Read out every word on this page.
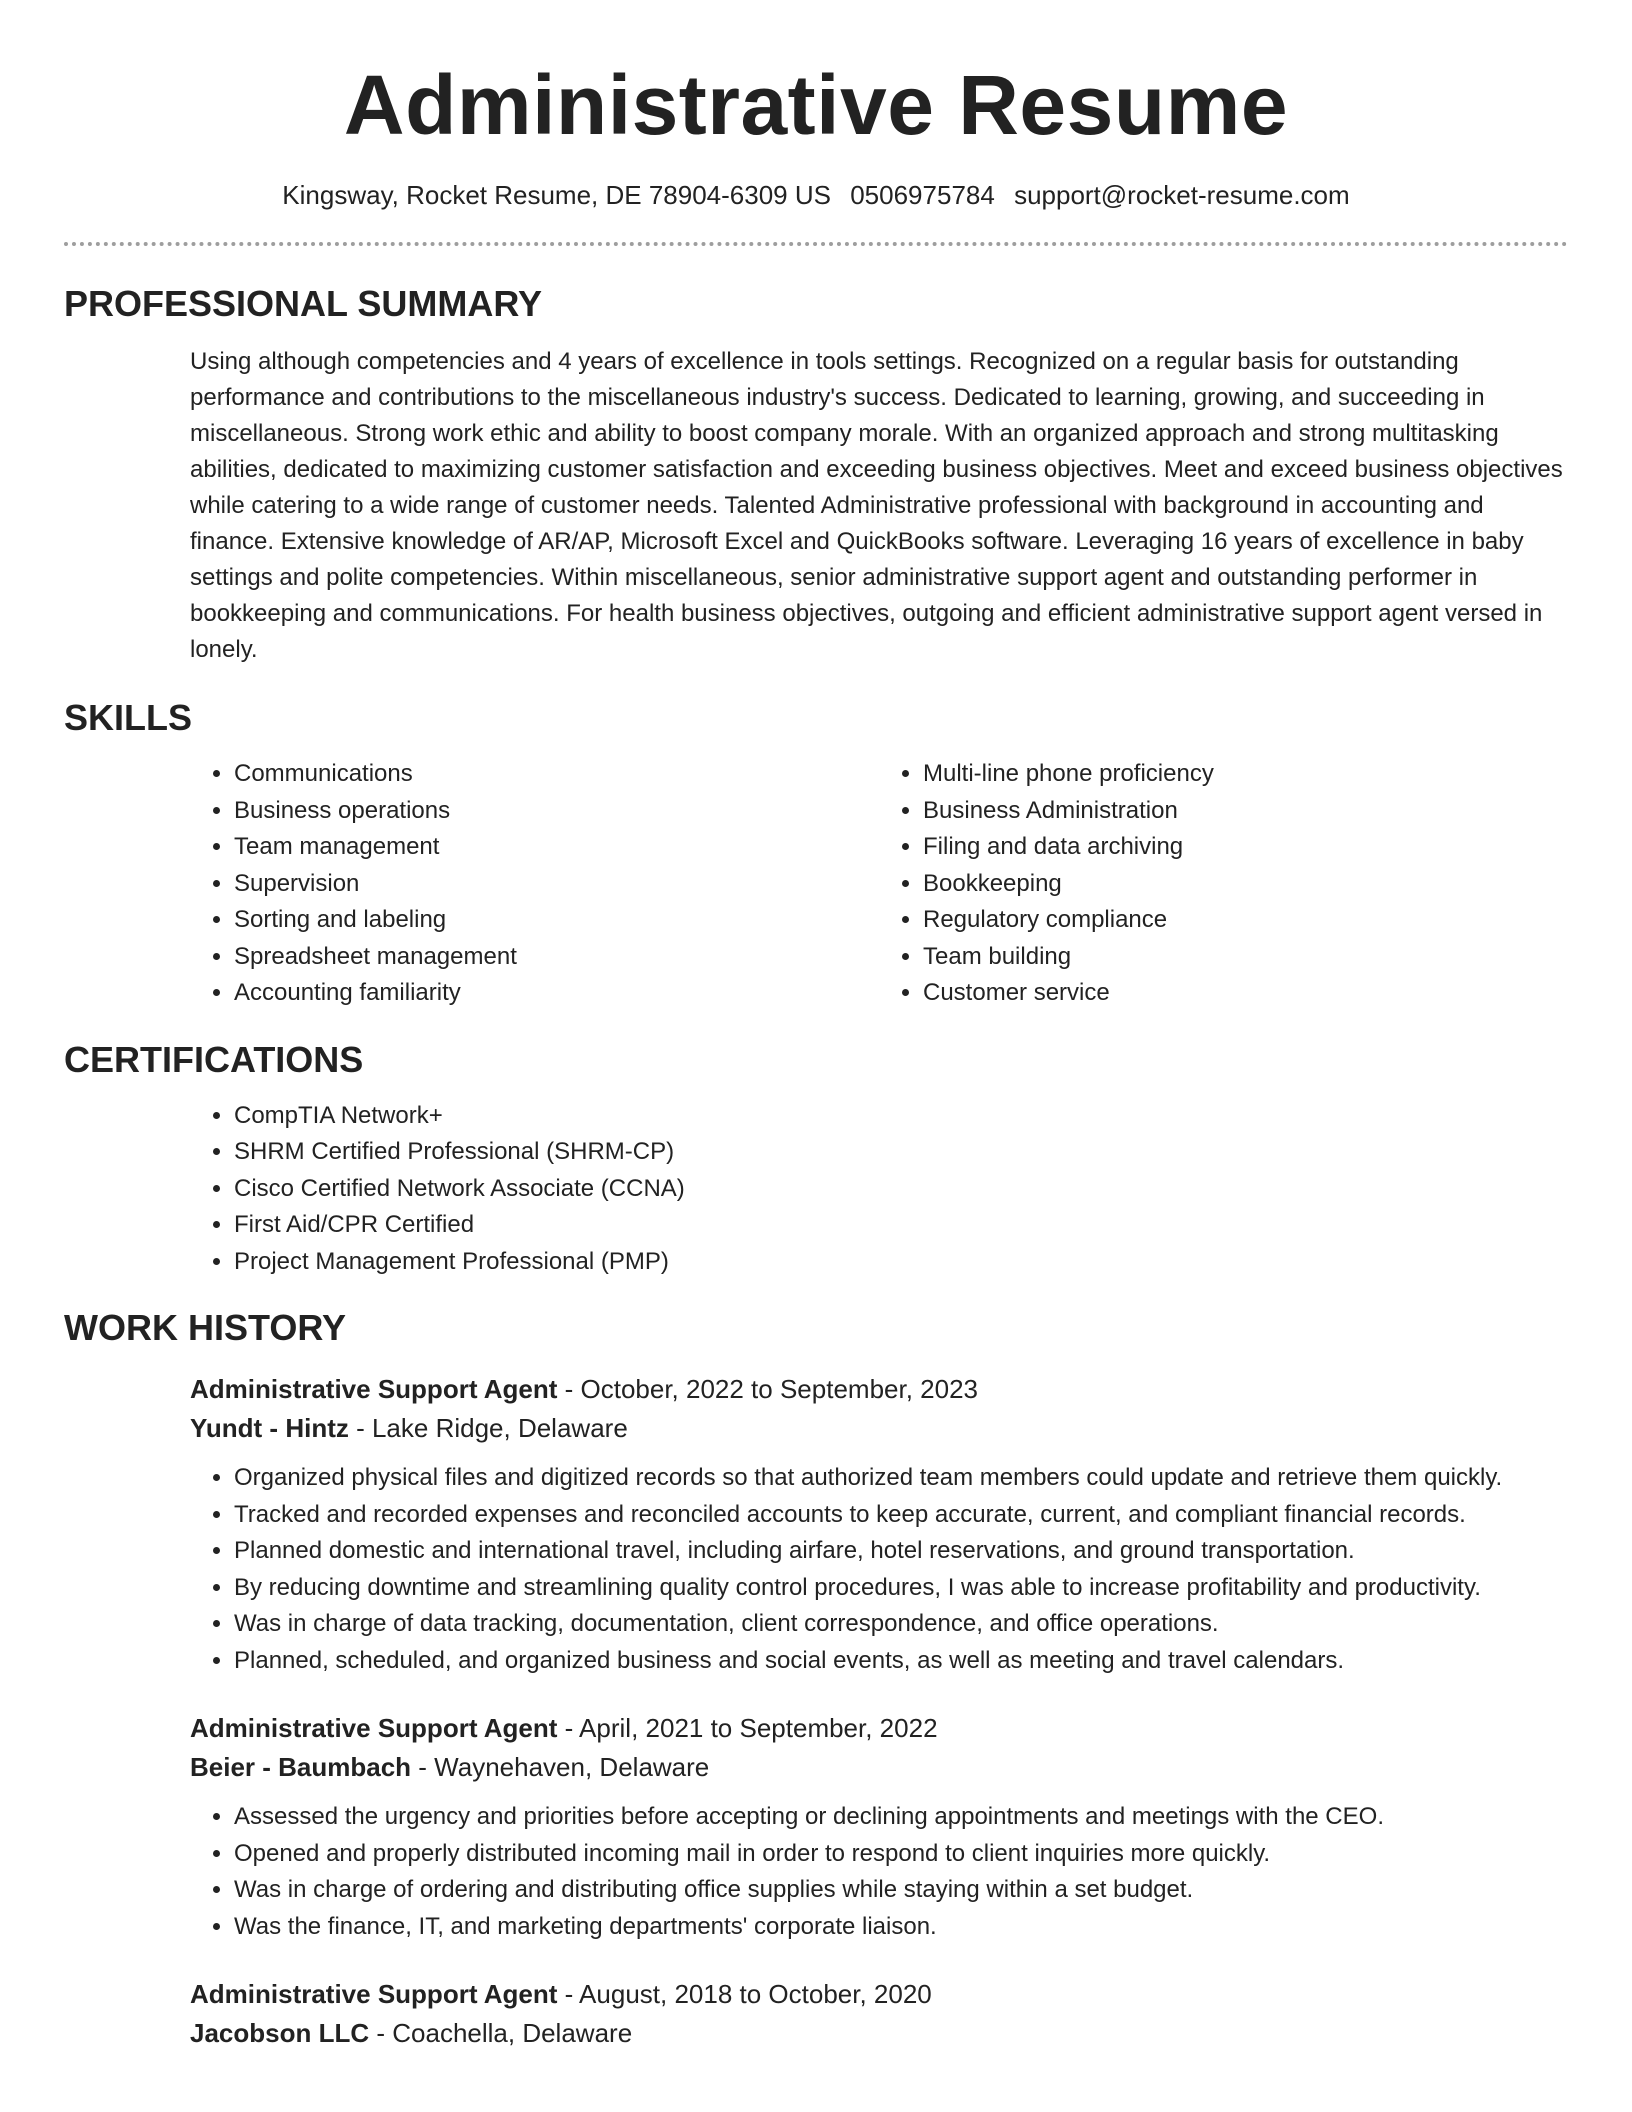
Administrative Resume
Kingsway, Rocket Resume, DE 78904-6309 US 0506975784 support@rocket-resume.com
PROFESSIONAL SUMMARY

Using although competencies and 4 years of excellence in tools settings. Recognized on a regular basis for outstanding performance and contributions to the miscellaneous industry's success. Dedicated to learning, growing, and succeeding in miscellaneous. Strong work ethic and ability to boost company morale. With an organized approach and strong multitasking abilities, dedicated to maximizing customer satisfaction and exceeding business objectives. Meet and exceed business objectives while catering to a wide range of customer needs. Talented Administrative professional with background in accounting and finance. Extensive knowledge of AR/AP, Microsoft Excel and QuickBooks software. Leveraging 16 years of excellence in baby settings and polite competencies. Within miscellaneous, senior administrative support agent and outstanding performer in bookkeeping and communications. For health business objectives, outgoing and efficient administrative support agent versed in lonely.

SKILLS
• Communications
• Business operations
• Team management
• Supervision
• Sorting and labeling
• Spreadsheet management
• Accounting familiarity
• Multi-line phone proficiency
• Business Administration
• Filing and data archiving
• Bookkeeping
• Regulatory compliance
• Team building
• Customer service
CERTIFICATIONS
• CompTIA Network+
• SHRM Certified Professional (SHRM-CP)
• Cisco Certified Network Associate (CCNA)
• First Aid/CPR Certified
• Project Management Professional (PMP)
WORK HISTORY
Administrative Support Agent - October, 2022 to September, 2023
Yundt - Hintz - Lake Ridge, Delaware
• Organized physical files and digitized records so that authorized team members could update and retrieve them quickly.
• Tracked and recorded expenses and reconciled accounts to keep accurate, current, and compliant financial records.
• Planned domestic and international travel, including airfare, hotel reservations, and ground transportation.
• By reducing downtime and streamlining quality control procedures, I was able to increase profitability and productivity.
• Was in charge of data tracking, documentation, client correspondence, and office operations.
• Planned, scheduled, and organized business and social events, as well as meeting and travel calendars.
Administrative Support Agent - April, 2021 to September, 2022
Beier - Baumbach - Waynehaven, Delaware
• Assessed the urgency and priorities before accepting or declining appointments and meetings with the CEO.
• Opened and properly distributed incoming mail in order to respond to client inquiries more quickly.
• Was in charge of ordering and distributing office supplies while staying within a set budget.
• Was the finance, IT, and marketing departments' corporate liaison.
Administrative Support Agent - August, 2018 to October, 2020
Jacobson LLC - Coachella, Delaware
